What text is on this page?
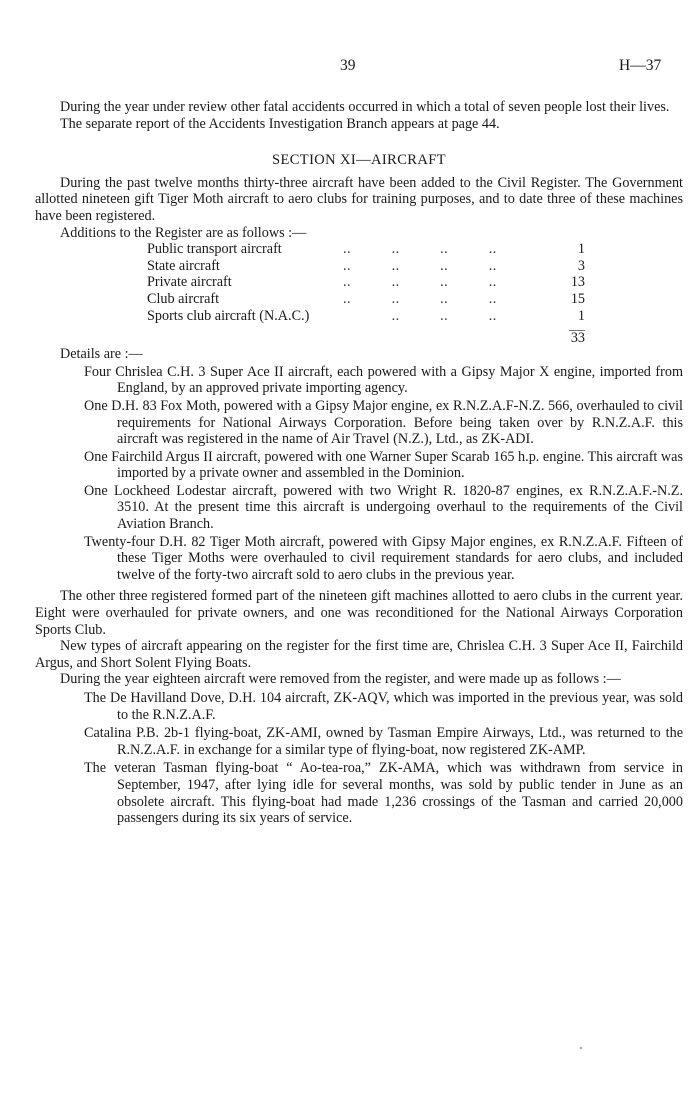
39	H—37

During the year under review other fatal accidents occurred in which a total of seven people lost their lives.

The separate report of the Accidents Investigation Branch appears at page 44.

SECTION XI—AIRCRAFT

During the past twelve months thirty-three aircraft have been added to the Civil Register. The Government allotted nineteen gift Tiger Moth aircraft to aero clubs for training purposes, and to date three of these machines have been registered.

Additions to the Register are as follows :—

Public transport aircraft	..          ..          ..          ..	1
State aircraft	..          ..          ..          ..	3
Private aircraft	..          ..          ..          ..	13
Club aircraft	..          ..          ..          ..	15
Sports club aircraft (N.A.C.) ..          ..          ..	1
33

Details are :—

Four Chrislea C.H. 3 Super Ace II aircraft, each powered with a Gipsy Major X engine, imported from England, by an approved private importing agency.

One D.H. 83 Fox Moth, powered with a Gipsy Major engine, ex R.N.Z.A.F-N.Z. 566, overhauled to civil requirements for National Airways Corporation. Before being taken over by R.N.Z.A.F. this aircraft was registered in the name of Air Travel (N.Z.), Ltd., as ZK-ADI.

One Fairchild Argus II aircraft, powered with one Warner Super Scarab 165 h.p. engine. This aircraft was imported by a private owner and assembled in the Dominion.

One Lockheed Lodestar aircraft, powered with two Wright R. 1820-87 engines, ex R.N.Z.A.F.-N.Z. 3510. At the present time this aircraft is undergoing overhaul to the requirements of the Civil Aviation Branch.

Twenty-four D.H. 82 Tiger Moth aircraft, powered with Gipsy Major engines, ex R.N.Z.A.F. Fifteen of these Tiger Moths were overhauled to civil requirement standards for aero clubs, and included twelve of the forty-two aircraft sold to aero clubs in the previous year.

The other three registered formed part of the nineteen gift machines allotted to aero clubs in the current year. Eight were overhauled for private owners, and one was reconditioned for the National Airways Corporation Sports Club.

New types of aircraft appearing on the register for the first time are, Chrislea C.H. 3 Super Ace II, Fairchild Argus, and Short Solent Flying Boats.

During the year eighteen aircraft were removed from the register, and were made up as follows :—

The De Havilland Dove, D.H. 104 aircraft, ZK-AQV, which was imported in the previous year, was sold to the R.N.Z.A.F.

Catalina P.B. 2b-1 flying-boat, ZK-AMI, owned by Tasman Empire Airways, Ltd., was returned to the R.N.Z.A.F. in exchange for a similar type of flying-boat, now registered ZK-AMP.

The veteran Tasman flying-boat “ Ao-tea-roa,” ZK-AMA, which was withdrawn from service in September, 1947, after lying idle for several months, was sold by public tender in June as an obsolete aircraft. This flying-boat had made 1,236 crossings of the Tasman and carried 20,000 passengers during its six years of service.
